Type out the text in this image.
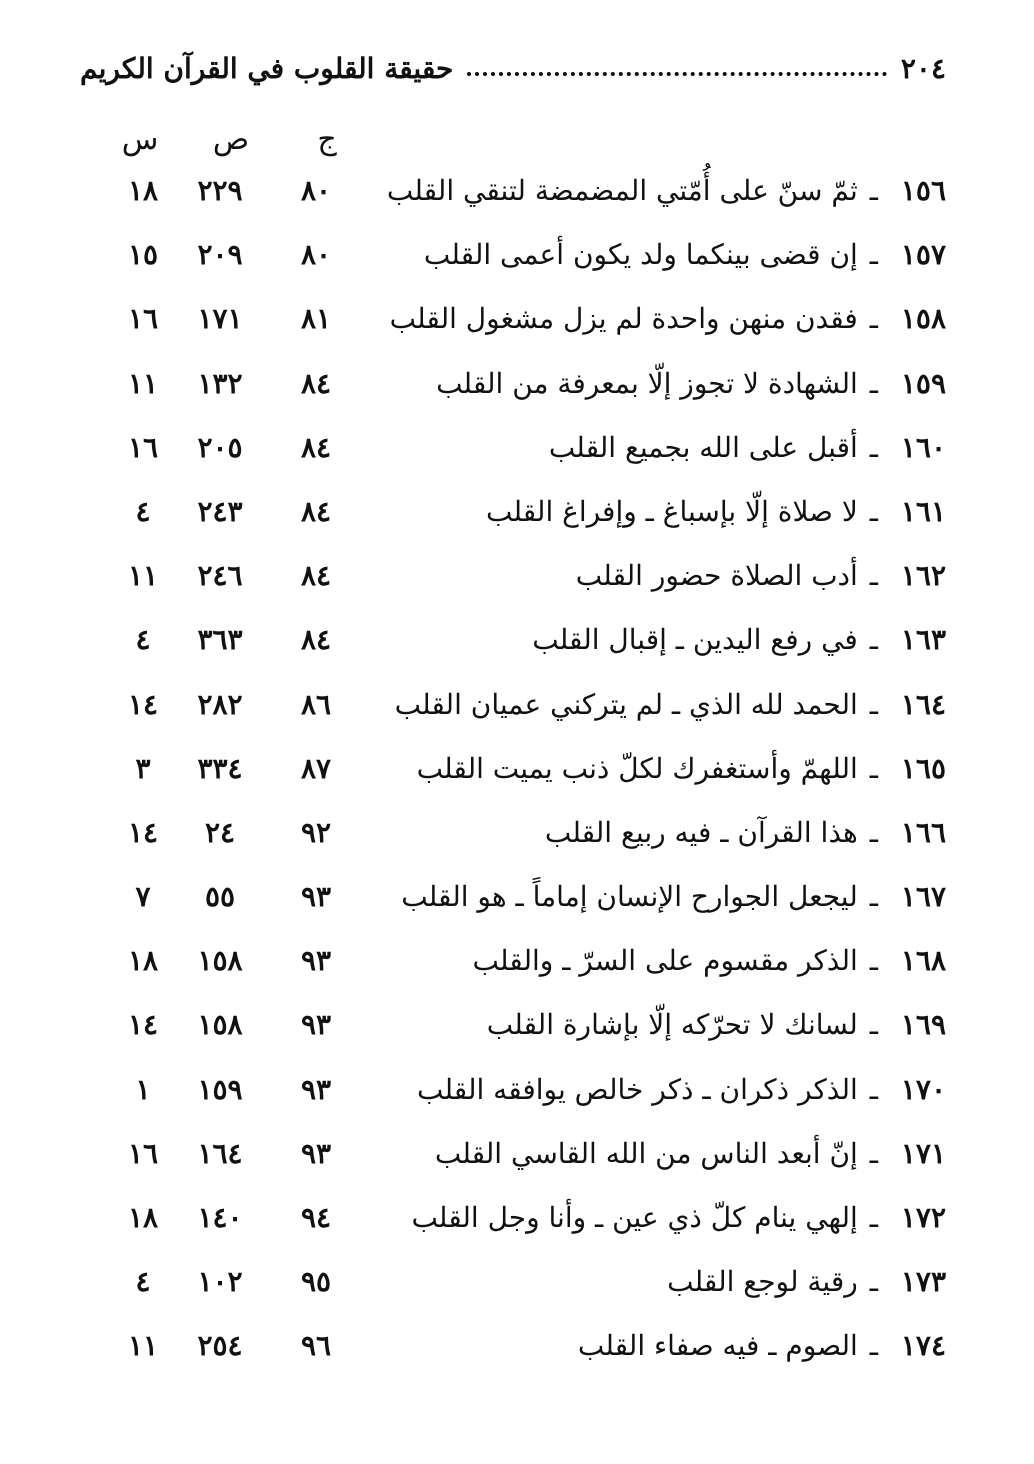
٢٠٤
حقيقة القلوب في القرآن الكريم
ج
ص
س
١٥٦ـثمّ سنّ على أُمّتي المضمضة لتنقي القلب
٨٠
٢٢٩
١٨
١٥٧ـإن قضى بينكما ولد يكون أعمى القلب
٨٠
٢٠٩
١٥
١٥٨ـفقدن منهن واحدة لم يزل مشغول القلب
٨١
١٧١
١٦
١٥٩ـالشهادة لا تجوز إلّا بمعرفة من القلب
٨٤
١٣٢
١١
١٦٠ـأقبل على الله بجميع القلب
٨٤
٢٠٥
١٦
١٦١ـلا صلاة إلّا بإسباغ ـ وإفراغ القلب
٨٤
٢٤٣
٤
١٦٢ـأدب الصلاة حضور القلب
٨٤
٢٤٦
١١
١٦٣ـفي رفع اليدين ـ إقبال القلب
٨٤
٣٦٣
٤
١٦٤ـالحمد لله الذي ـ لم يتركني عميان القلب
٨٦
٢٨٢
١٤
١٦٥ـاللهمّ وأستغفرك لكلّ ذنب يميت القلب
٨٧
٣٣٤
٣
١٦٦ـهذا القرآن ـ فيه ربيع القلب
٩٢
٢٤
١٤
١٦٧ـليجعل الجوارح الإنسان إماماً ـ هو القلب
٩٣
٥٥
٧
١٦٨ـالذكر مقسوم على السرّ ـ والقلب
٩٣
١٥٨
١٨
١٦٩ـلسانك لا تحرّكه إلّا بإشارة القلب
٩٣
١٥٨
١٤
١٧٠ـالذكر ذكران ـ ذكر خالص يوافقه القلب
٩٣
١٥٩
١
١٧١ـإنّ أبعد الناس من الله القاسي القلب
٩٣
١٦٤
١٦
١٧٢ـإلهي ينام كلّ ذي عين ـ وأنا وجل القلب
٩٤
١٤٠
١٨
١٧٣ـرقية لوجع القلب
٩٥
١٠٢
٤
١٧٤ـالصوم ـ فيه صفاء القلب
٩٦
٢٥٤
١١
